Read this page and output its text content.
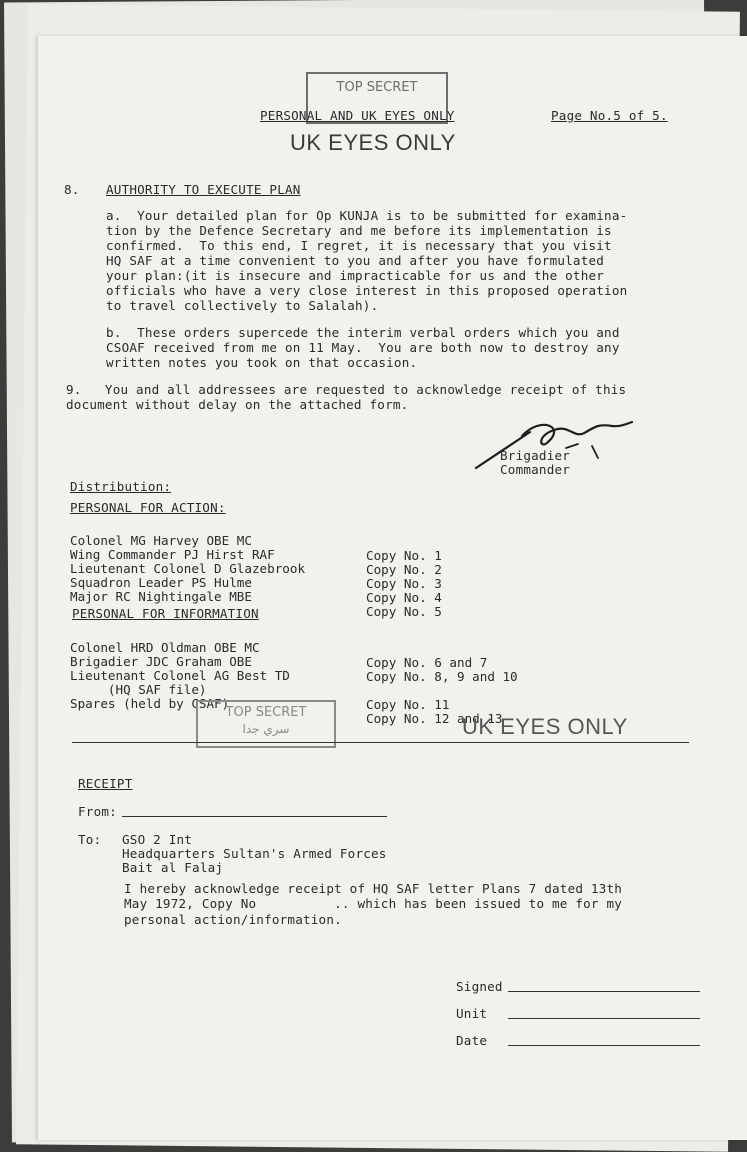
TOP SECRET
PERSONAL AND UK EYES ONLY	Page No.5 of 5.
UK EYES ONLY
8. AUTHORITY TO EXECUTE PLAN
a.  Your detailed plan for Op KUNJA is to be submitted for examina-
tion by the Defence Secretary and me before its implementation is
confirmed.  To this end, I regret, it is necessary that you visit
HQ SAF at a time convenient to you and after you have formulated
your plan:(it is insecure and impracticable for us and the other
officials who have a very close interest in this proposed operation
to travel collectively to Salalah).
b.  These orders supercede the interim verbal orders which you and
CSOAF received from me on 11 May.  You are both now to destroy any
written notes you took on that occasion.
9.   You and all addressees are requested to acknowledge receipt of this
document without delay on the attached form.
Brigadier
Commander
Distribution:
PERSONAL FOR ACTION:

Colonel MG Harvey OBE MC

Copy No. 1

Wing Commander PJ Hirst RAF

Copy No. 2

Lieutenant Colonel D Glazebrook

Copy No. 3

Squadron Leader PS Hulme

Copy No. 4

Major RC Nightingale MBE

Copy No. 5

PERSONAL FOR INFORMATION

Colonel HRD Oldman OBE MC

Copy No. 6 and 7

Brigadier JDC Graham OBE

Copy No. 8, 9 and 10

Lieutenant Colonel AG Best TD

(HQ SAF file)

Copy No. 11

Spares (held by CSAF)

Copy No. 12 and 13

TOP SECRET
سري جدا	UK EYES ONLY
RECEIPT
From:
To: GSO 2 Int
Headquarters Sultan's Armed Forces
Bait al Falaj
I hereby acknowledge receipt of HQ SAF letter Plans 7 dated 13th
May 1972, Copy No          .. which has been issued to me for my
personal action/information.
Signed
Unit
Date
